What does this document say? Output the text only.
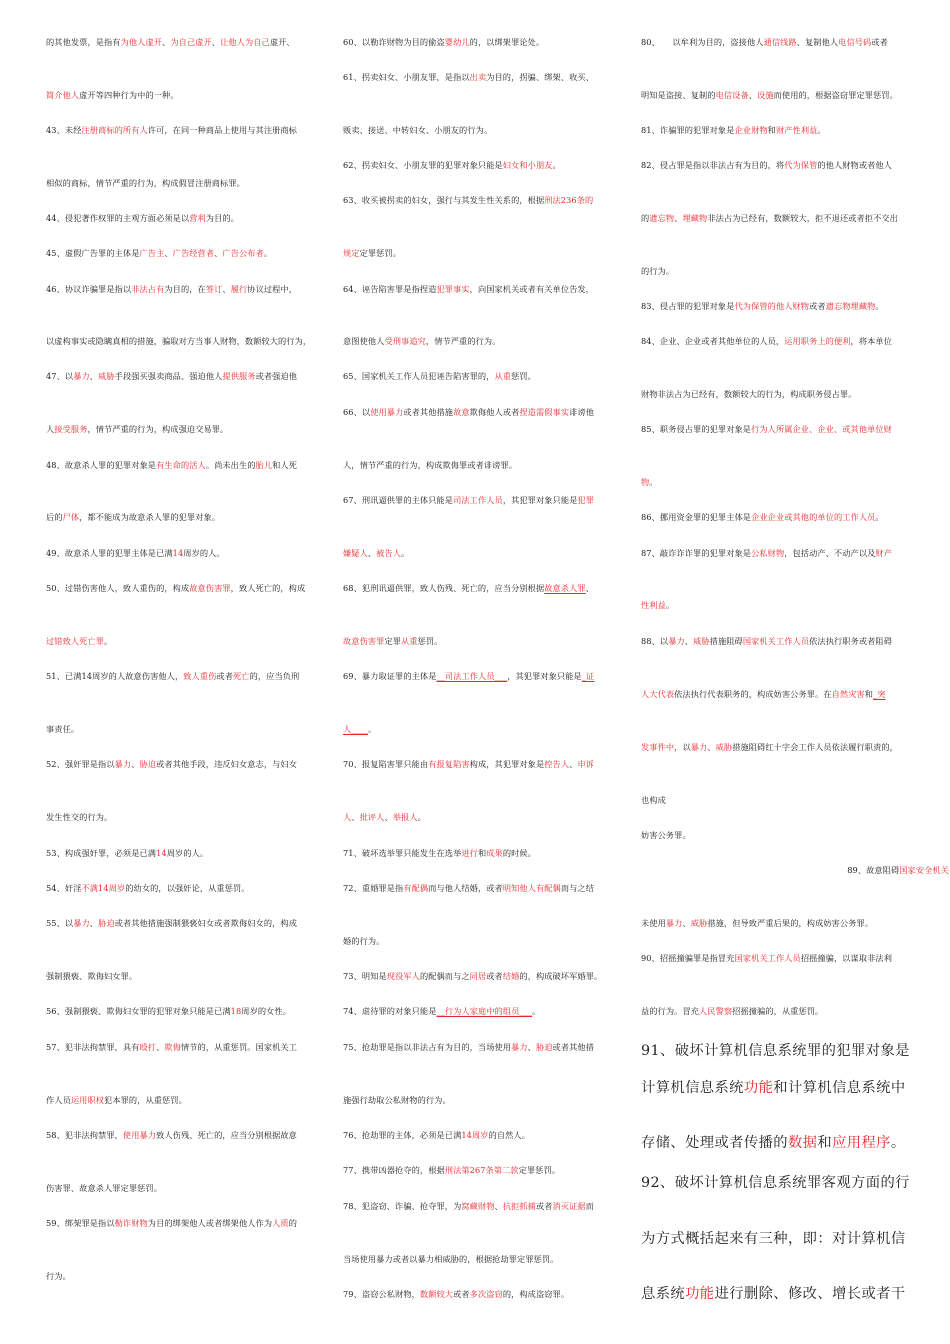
的其他发票，是指有为他人虚开、为自己虚开、让他人为自己虚开、
简介他人虚开等四种行为中的一种。
43、未经注册商标的所有人许可，在同一种商品上使用与其注册商标
相似的商标，情节严重的行为，构成假冒注册商标罪。
44、侵犯著作权罪的主观方面必须是以营利为目的。
45、虚假广告罪的主体是广告主、广告经营者、广告公布者。
46、协议诈骗罪是指以非法占有为目的，在签订、履行协议过程中，
以虚构事实或隐瞒真相的措施，骗取对方当事人财物，数额较大的行为，
47、以暴力、威胁手段强买强卖商品、强迫他人提供服务或者强迫他
人接受服务，情节严重的行为，构成强迫交易罪。
48、故意杀人罪的犯罪对象是有生命的活人。尚未出生的胎儿和人死
后的尸体，都不能成为故意杀人罪的犯罪对象。
49、故意杀人罪的犯罪主体是已满14周岁的人。
50、过错伤害他人，致人重伤的，构成故意伤害罪，致人死亡的，构成
过错致人死亡罪。
51、已满14周岁的人故意伤害他人，致人重伤或者死亡的，应当负刑
事责任。
52、强奸罪是指以暴力、胁迫或者其他手段，违反妇女意志，与妇女
发生性交的行为。
53、构成强奸罪，必须是已满14周岁的人。
54、奸淫不满14周岁的幼女的，以强奸论，从重惩罚。
55、以暴力、胁迫或者其他措施强制猥亵妇女或者欺侮妇女的，构成
强制猥亵、欺侮妇女罪。
56、强制猥亵、欺侮妇女罪的犯罪对象只能是已满18周岁的女性。
57、犯非法拘禁罪，具有殴打、欺侮情节的，从重惩罚。国家机关工
作人员运用职权犯本罪的，从重惩罚。
58、犯非法拘禁罪，使用暴力致人伤残、死亡的，应当分别根据故意
伤害罪、故意杀人罪定罪惩罚。
59、绑架罪是指以勒诈财物为目的绑架他人或者绑架他人作为人质的
行为。
60、以勒诈财物为目的偷盗婴幼儿的，以绑架罪论处。
61、拐卖妇女、小朋友罪，是指以出卖为目的，拐骗、绑架、收买、
贩卖、接送、中转妇女、小朋友的行为。
62、拐卖妇女、小朋友罪的犯罪对象只能是妇女和小朋友。
63、收买被拐卖的妇女，强行与其发生性关系的，根据刑法236条的
规定定罪惩罚。
64、诬告陷害罪是指捏造犯罪事实，向国家机关或者有关单位告发，
意图使他人受刑事追究，情节严重的行为。
65、国家机关工作人员犯诬告陷害罪的，从重惩罚。
66、以使用暴力或者其他措施故意欺侮他人或者捏造需假事实诽谤他
人，情节严重的行为，构成欺侮罪或者诽谤罪。
67、刑讯逼供罪的主体只能是司法工作人员，其犯罪对象只能是犯罪
嫌疑人、被告人。
68、犯刑讯逼供罪，致人伤残、死亡的，应当分别根据故意杀人罪、
故意伤害罪定罪从重惩罚。
69、暴力取证罪的主体是__司法工作人员___，其犯罪对象只能是_证
人____。
70、报复陷害罪只能由有报复陷害构成，其犯罪对象是控告人、申诉
人、批评人、举报人。
71、破坏选举罪只能发生在选举进行和成果的时候。
72、重婚罪是指有配偶而与他人结婚，或者明知他人有配偶而与之结
婚的行为。
73、明知是现役军人的配偶而与之同居或者结婚的，构成破坏军婚罪。
74、虐待罪的对象只能是__行为人家庭中的组员___。
75、抢劫罪是指以非法占有为目的，当场使用暴力、胁迫或者其他措
施强行劫取公私财物的行为。
76、抢劫罪的主体，必须是已满14周岁的自然人。
77、携带凶器抢夺的，根据刑法第267条第二款定罪惩罚。
78、犯盗窃、诈骗、抢夺罪，为窝藏财物、抗拒抓捕或者消灭证据而
当场使用暴力或者以暴力相威胁的，根据抢劫罪定罪惩罚。
79、盗窃公私财物，数额较大或者多次盗窃的，构成盗窃罪。
80、　　以牟利为目的，盗接他人通信线路、复制他人电信号码或者
明知是盗接、复制的电信设备、设施而使用的，根据盗窃罪定罪惩罚。
81、诈骗罪的犯罪对象是企业财物和财产性利益。
82、侵占罪是指以非法占有为目的，将代为保管的他人财物或者他人
的遗忘物、埋藏物非法占为已经有，数额较大，拒不退还或者拒不交出
的行为。
83、侵占罪的犯罪对象是代为保管的他人财物或者遗忘物埋藏物。
84、企业、企业或者其他单位的人员，运用职务上的便利，将本单位
财物非法占为已经有，数额较大的行为，构成职务侵占罪。
85、职务侵占罪的犯罪对象是行为人所属企业、企业、或其他单位财
物。
86、挪用资金罪的犯罪主体是企业企业或其他的单位的工作人员。
87、敲诈诈诈罪的犯罪对象是公私财物，包括动产、不动产以及财产
性利益。
88、以暴力、威胁措施阻碍国家机关工作人员依法执行职务或者阻碍
人大代表依法执行代表职务的，构成妨害公务罪。在自然灾害和_突
发事件中，以暴力、威胁措施阻碍红十字会工作人员依法履行职责的，
也构成
妨害公务罪。
89、故意阻碍国家安全机关
未使用暴力、威胁措施，但导致严重后果的，构成妨害公务罪。
90、招摇撞骗罪是指冒充国家机关工作人员招摇撞骗，以谋取非法利
益的行为。冒充人民警察招摇撞骗的，从重惩罚。
91、破坏计算机信息系统罪的犯罪对象是
计算机信息系统功能和计算机信息系统中
存储、处理或者传播的数据和应用程序。
92、破坏计算机信息系统罪客观方面的行
为方式概括起来有三种，即：对计算机信
息系统功能进行删除、修改、增长或者干
